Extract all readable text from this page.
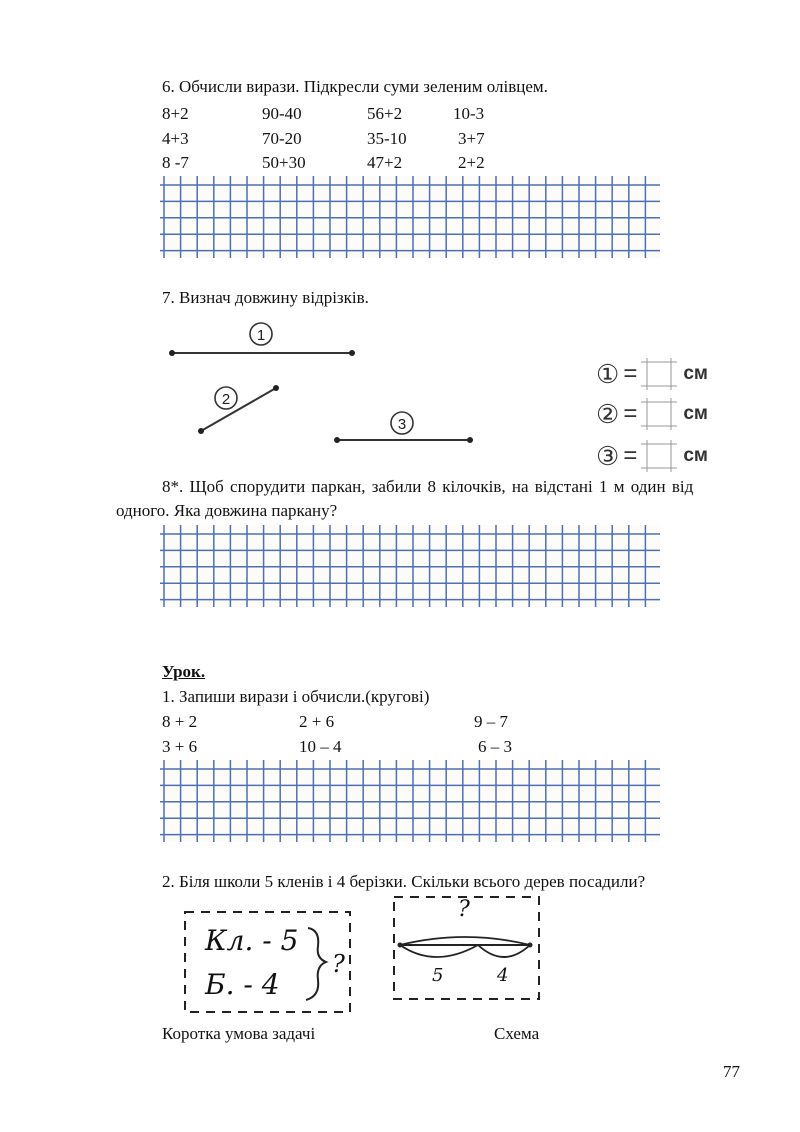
6. Обчисли вирази. Підкресли суми зеленим олівцем.
8+2	90-40	56+2	10-3
4+3	70-20	35-10	3+7
8 -7	50+30	47+2	2+2
7. Визнач довжину відрізків.
1
2
3
① = см
② = см
③ = см
8*. Щоб спорудити паркан, забили 8 кілочків, на відстані 1 м один від
одного. Яка довжина паркану?
Урок.
1. Запиши вирази і обчисли.(кругові)
8 + 2	2 + 6	9 – 7
3 + 6	10 – 4	6 – 3
2. Біля школи 5 кленів і 4 берізки. Скільки всього дерев посадили?
Кл. - 5
Б. - 4
?
?
5	4
Коротка умова задачі	Схема
77
